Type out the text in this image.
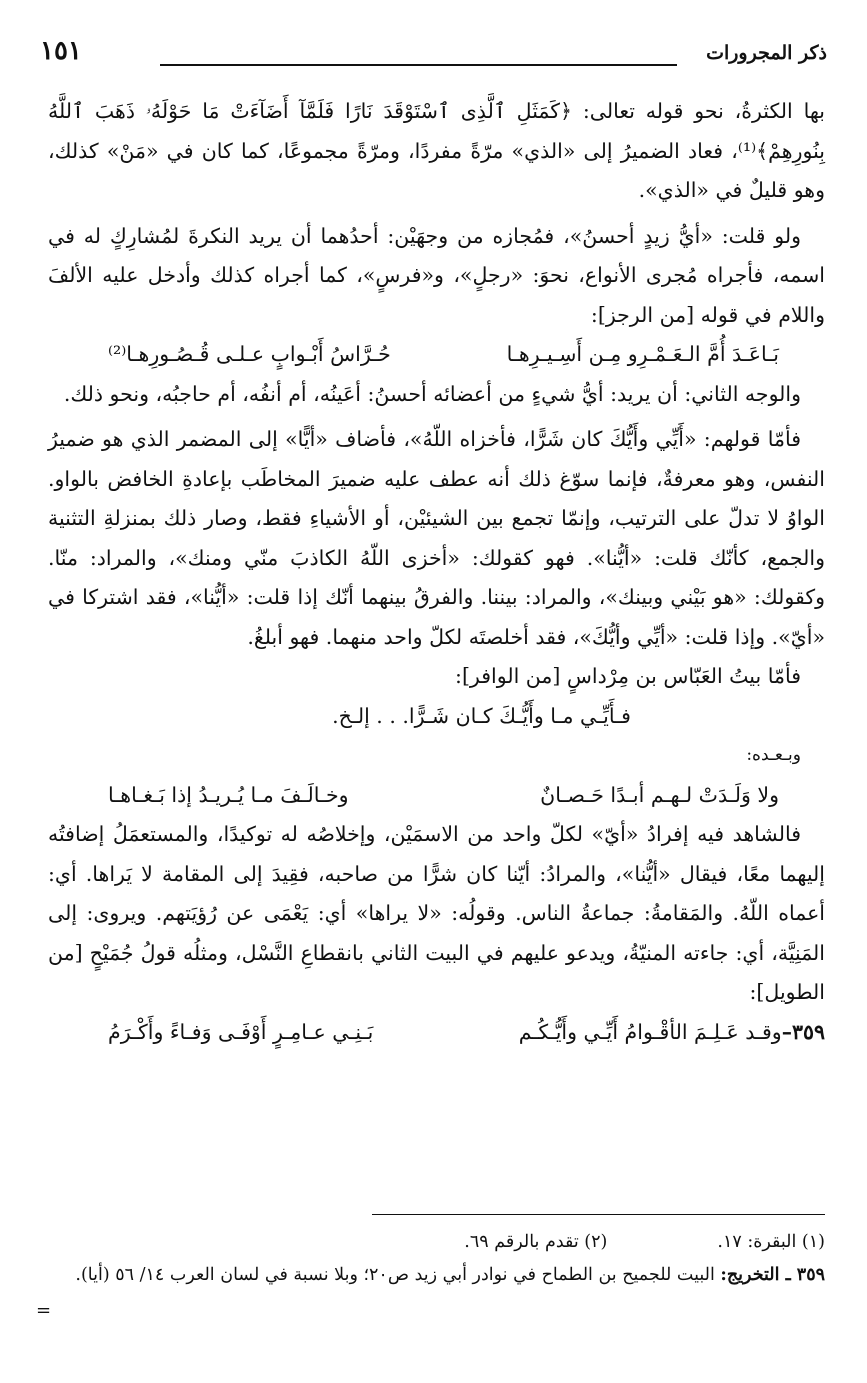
ذكر المجرورات
١٥١

بها الكثرةُ، نحو قوله تعالى: ﴿كَمَثَلِ ٱلَّذِى ٱسْتَوْقَدَ نَارًا فَلَمَّآ أَضَآءَتْ مَا حَوْلَهُۥ ذَهَبَ ٱللَّهُ بِنُورِهِمْ﴾⁽¹⁾، فعاد الضميرُ إلى «الذي» مرّةً مفردًا، ومرّةً مجموعًا، كما كان في «مَنْ» كذلك، وهو قليلٌ في «الذي».

ولو قلت: «أيُّ زيدٍ أحسنُ»، فمُجازه من وجهَيْن: أحدُهما أن يريد النكرةَ لمُشارِكٍ له في اسمه، فأجراه مُجرى الأنواع، نحوَ: «رجلٍ»، و«فرسٍ»، كما أجراه كذلك وأدخل عليه الألفَ واللام في قوله [من الرجز]:

بَـاعَـدَ أُمَّ الـعَـمْـرِو مِـن أَسِـيـرِهـا
حُـرَّاسُ أَبْـوابٍ عـلـى قُـصُـورِهـا⁽²⁾

والوجه الثاني: أن يريد: أيُّ شيءٍ من أعضائه أحسنُ: أعَينُه، أم أنفُه، أم حاجبُه، ونحو ذلك.

فأمّا قولهم: «أَيِّي وأَيُّكَ كان شَرًّا، فأخزاه اللّهُ»، فأضاف «أيًّا» إلى المضمر الذي هو ضميرُ النفس، وهو معرفةٌ، فإنما سوّغ ذلك أنه عطف عليه ضميرَ المخاطَب بإعادةِ الخافض بالواو. الواوُ لا تدلّ على الترتيب، وإنمّا تجمع بين الشيئيْن، أو الأشياءِ فقط، وصار ذلك بمنزلةِ التثنية والجمع، كأنّك قلت: «أيُّنا». فهو كقولك: «أخزى اللّهُ الكاذبَ منّي ومنك»، والمراد: منّا. وكقولك: «هو بَيْني وبينك»، والمراد: بيننا. والفرقُ بينهما أنّك إذا قلت: «أيُّنا»، فقد اشتركا في «أيّ». وإذا قلت: «أيِّي وأيُّكَ»، فقد أخلصتَه لكلّ واحد منهما. فهو أبلغُ.

فأمّا بيتُ العَبّاس بن مِرْداسٍ [من الوافر]:

فـأَيِّـي مـا وأَيُّـكَ كـان شَـرًّا. . . إلـخ.

وبـعـده:

ولا وَلَـدَتْ لـهـم أبـدًا حَـصـانٌ
وخـالَـفَ مـا يُـريـدُ إذا بَـغـاهـا

فالشاهد فيه إفرادُ «أيّ» لكلّ واحد من الاسمَيْن، وإخلاصُه له توكيدًا، والمستعمَلُ إضافتُه إليهما معًا، فيقال «أيُّنا»، والمرادُ: أيّنا كان شرًّا من صاحبه، فقِيدَ إلى المقامة لا يَراها. أي: أعماه اللّهُ. والمَقامةُ: جماعةُ الناس. وقولُه: «لا يراها» أي: يَعْمَى عن رُؤيَتهم. ويروى: إلى المَنِيَّة، أي: جاءته المنيّةُ، ويدعو عليهم في البيت الثاني بانقطاعِ النَّسْل، ومثلُه قولُ جُمَيْحٍ [من الطويل]:

٣٥٩–وقـد عَـلِـمَ الأقْـوامُ أَيِّـي وأَيُّـكُـم
بَـنِـي عـامِـرٍ أَوْفَـى وَفـاءً وأَكْـرَمُ
(١) البقرة: ١٧.
(٢) تقدم بالرقم ٦٩.
٣٥٩ ـ التخريج: البيت للجميح بن الطماح في نوادر أبي زيد ص٢٠؛ وبلا نسبة في لسان العرب ١٤/ ٥٦ (أيا).
=
